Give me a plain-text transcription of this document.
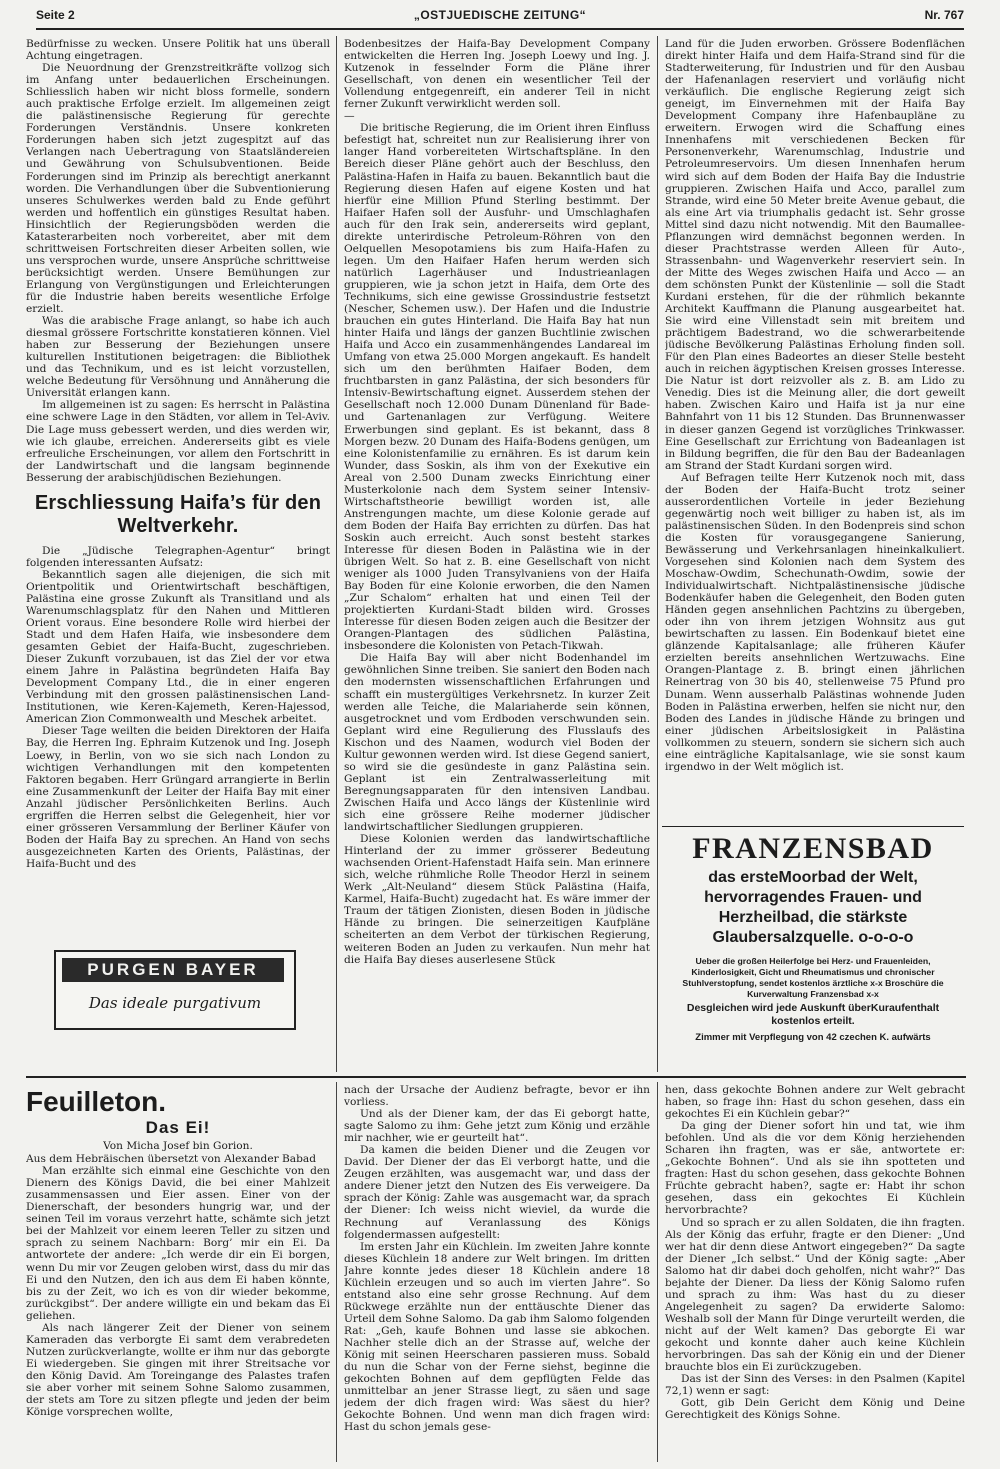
Seite 2	„OSTJUEDISCHE ZEITUNG“	Nr. 767

Bedürfnisse zu wecken. Unsere Politik hat uns überall Achtung eingetragen.

Die Neuordnung der Grenzstreitkräfte vollzog sich im Anfang unter bedauerlichen Erscheinungen. Schliesslich haben wir nicht bloss formelle, sondern auch praktische Erfolge erzielt. Im allgemeinen zeigt die palästinensische Regierung für gerechte Forderungen Verständnis. Unsere konkreten Forderungen haben sich jetzt zugespitzt auf das Verlangen nach Uebertragung von Staatsländereien und Gewährung von Schulsubventionen. Beide Forderungen sind im Prinzip als berechtigt anerkannt worden. Die Verhandlungen über die Subventionierung unseres Schulwerkes werden bald zu Ende geführt werden und hoffentlich ein günstiges Resultat haben. Hinsichtlich der Regierungsböden werden die Katasterarbeiten noch vorbereitet, aber mit dem schrittweisen Fortschreiten dieser Arbeiten sollen, wie uns versprochen wurde, unsere Ansprüche schrittweise berücksichtigt werden. Unsere Bemühungen zur Erlangung von Vergünstigungen und Erleichterungen für die Industrie haben bereits wesentliche Erfolge erzielt.

Was die arabische Frage anlangt, so habe ich auch diesmal grössere Fortschritte konstatieren können. Viel haben zur Besserung der Beziehungen unsere kulturellen Institutionen beigetragen: die Bibliothek und das Technikum, und es ist leicht vorzustellen, welche Bedeutung für Versöhnung und Annäherung die Universität erlangen kann.

Im allgemeinen ist zu sagen: Es herrscht in Palästina eine schwere Lage in den Städten, vor allem in Tel-Aviv. Die Lage muss gebessert werden, und dies werden wir, wie ich glaube, erreichen. Andererseits gibt es viele erfreuliche Erscheinungen, vor allem den Fortschritt in der Landwirtschaft und die langsam beginnende Besserung der arabischjüdischen Beziehungen.

Erschliessung Haifa’s für den Weltverkehr.

Die „Jüdische Telegraphen-Agentur“ bringt folgenden interessanten Aufsatz:

Bekanntlich sagen alle diejenigen, die sich mit Orientpolitik und Orientwirtschaft beschäftigen, Palästina eine grosse Zukunft als Transitland und als Warenumschlagsplatz für den Nahen und Mittleren Orient voraus. Eine besondere Rolle wird hierbei der Stadt und dem Hafen Haifa, wie insbesondere dem gesamten Gebiet der Haifa-Bucht, zugeschrieben. Dieser Zukunft vorzubauen, ist das Ziel der vor etwa einem Jahre in Palästina begründeten Haifa Bay Development Company Ltd., die in einer engeren Verbindung mit den grossen palästinensischen Land-Institutionen, wie Keren-Kajemeth, Keren-Hajessod, American Zion Commonwealth und Meschek arbeitet.

Dieser Tage weilten die beiden Direktoren der Haifa Bay, die Herren Ing. Ephraim Kutzenok und Ing. Joseph Loewy, in Berlin, von wo sie sich nach London zu wichtigen Verhandlungen mit den kompetenten Faktoren begaben. Herr Grüngard arrangierte in Berlin eine Zusammenkunft der Leiter der Haifa Bay mit einer Anzahl jüdischer Persönlichkeiten Berlins. Auch ergriffen die Herren selbst die Gelegenheit, hier vor einer grösseren Versammlung der Berliner Käufer von Boden der Haifa Bay zu sprechen. An Hand von sechs ausgezeichneten Karten des Orients, Palästinas, der Haifa-Bucht und des

PURGEN BAYER
Das ideale purgativum

Bodenbesitzes der Haifa-Bay Development Company entwickelten die Herren Ing. Joseph Loewy und Ing. J. Kutzenok in fesselnder Form die Pläne ihrer Gesellschaft, von denen ein wesentlicher Teil der Vollendung entgegenreift, ein anderer Teil in nicht ferner Zukunft verwirklicht werden soll.

—

Die britische Regierung, die im Orient ihren Einfluss befestigt hat, schreitet nun zur Realisierung ihrer von langer Hand vorbereiteten Wirtschaftspläne. In den Bereich dieser Pläne gehört auch der Beschluss, den Palästina-Hafen in Haifa zu bauen. Bekanntlich baut die Regierung diesen Hafen auf eigene Kosten und hat hierfür eine Million Pfund Sterling bestimmt. Der Haifaer Hafen soll der Ausfuhr- und Umschlaghafen auch für den Irak sein, andererseits wird geplant, direkte unterirdische Petroleum-Röhren von den Oelquellen Mesopotamiens bis zum Haifa-Hafen zu legen. Um den Haifaer Hafen herum werden sich natürlich Lagerhäuser und Industrieanlagen gruppieren, wie ja schon jetzt in Haifa, dem Orte des Technikums, sich eine gewisse Grossindustrie festsetzt (Nescher, Schemen usw.). Der Hafen und die Industrie brauchen ein gutes Hinterland. Die Haifa Bay hat nun hinter Haifa und längs der ganzen Buchtlinie zwischen Haifa und Acco ein zusammenhängendes Landareal im Umfang von etwa 25.000 Morgen angekauft. Es handelt sich um den berühmten Haifaer Boden, dem fruchtbarsten in ganz Palästina, der sich besonders für Intensiv-Bewirtschaftung eignet. Ausserdem stehen der Gesellschaft noch 12.000 Dunam Dünenland für Bade- und Gartenanlagen zur Verfügung. Weitere Erwerbungen sind geplant. Es ist bekannt, dass 8 Morgen bezw. 20 Dunam des Haifa-Bodens genügen, um eine Kolonistenfamilie zu ernähren. Es ist darum kein Wunder, dass Soskin, als ihm von der Exekutive ein Areal von 2.500 Dunam zwecks Einrichtung einer Musterkolonie nach dem System seiner Intensiv-Wirtschaftstheorie bewilligt worden ist, alle Anstrengungen machte, um diese Kolonie gerade auf dem Boden der Haifa Bay errichten zu dürfen. Das hat Soskin auch erreicht. Auch sonst besteht starkes Interesse für diesen Boden in Palästina wie in der übrigen Welt. So hat z. B. eine Gesellschaft von nicht weniger als 1000 Juden Transylvaniens von der Haifa Bay Boden für eine Kolonie erworben, die den Namen „Zur Schalom“ erhalten hat und einen Teil der projektierten Kurdani-Stadt bilden wird. Grosses Interesse für diesen Boden zeigen auch die Besitzer der Orangen-Plantagen des südlichen Palästina, insbesondere die Kolonisten von Petach-Tikwah.

Die Haifa Bay will aber nicht Bodenhandel im gewöhnlichen Sinne treiben. Sie saniert den Boden nach den modernsten wissenschaftlichen Erfahrungen und schafft ein mustergültiges Verkehrsnetz. In kurzer Zeit werden alle Teiche, die Malariaherde sein können, ausgetrocknet und vom Erdboden verschwunden sein. Geplant wird eine Regulierung des Flusslaufs des Kischon und des Naamen, wodurch viel Boden der Kultur gewonnen werden wird. Ist diese Gegend saniert, so wird sie die gesündeste in ganz Palästina sein. Geplant ist ein Zentralwasserleitung mit Beregnungsapparaten für den intensiven Landbau. Zwischen Haifa und Acco längs der Küstenlinie wird sich eine grössere Reihe moderner jüdischer landwirtschaftlicher Siedlungen gruppieren.

Diese Kolonien werden das landwirtschaftliche Hinterland der zu immer grösserer Bedeutung wachsenden Orient-Hafenstadt Haifa sein. Man erinnere sich, welche rühmliche Rolle Theodor Herzl in seinem Werk „Alt-Neuland“ diesem Stück Palästina (Haifa, Karmel, Haifa-Bucht) zugedacht hat. Es wäre immer der Traum der tätigen Zionisten, diesen Boden in jüdische Hände zu bringen. Die seinerzeitigen Kaufpläne scheiterten an dem Verbot der türkischen Regierung, weiteren Boden an Juden zu verkaufen. Nun mehr hat die Haifa Bay dieses auserlesene Stück

Land für die Juden erworben. Grössere Bodenflächen direkt hinter Haifa und dem Haifa-Strand sind für die Stadterweiterung, für Industrien und für den Ausbau der Hafenanlagen reserviert und vorläufig nicht verkäuflich. Die englische Regierung zeigt sich geneigt, im Einvernehmen mit der Haifa Bay Development Company ihre Hafenbaupläne zu erweitern. Erwogen wird die Schaffung eines Innenhafens mit verschiedenen Becken für Personenverkehr, Warenumschlag, Industrie und Petroleumreservoirs. Um diesen Innenhafen herum wird sich auf dem Boden der Haifa Bay die Industrie gruppieren. Zwischen Haifa und Acco, parallel zum Strande, wird eine 50 Meter breite Avenue gebaut, die als eine Art via triumphalis gedacht ist. Sehr grosse Mittel sind dazu nicht notwendig. Mit den Baumallee-Pflanzungen wird demnächst begonnen werden. In dieser Prachtstrasse werden Alleen für Auto-, Strassenbahn- und Wagenverkehr reserviert sein. In der Mitte des Weges zwischen Haifa und Acco — an dem schönsten Punkt der Küstenlinie — soll die Stadt Kurdani erstehen, für die der rühmlich bekannte Architekt Kauffmann die Planung ausgearbeitet hat. Sie wird eine Villenstadt sein mit breitem und prächtigem Badestrand, wo die schwerarbeitende jüdische Bevölkerung Palästinas Erholung finden soll. Für den Plan eines Badeortes an dieser Stelle besteht auch in reichen ägyptischen Kreisen grosses Interesse. Die Natur ist dort reizvoller als z. B. am Lido zu Venedig. Dies ist die Meinung aller, die dort geweilt haben. Zwischen Kairo und Haifa ist ja nur eine Bahnfahrt von 11 bis 12 Stunden. Das Brunnenwasser in dieser ganzen Gegend ist vorzügliches Trinkwasser. Eine Gesellschaft zur Errichtung von Badeanlagen ist in Bildung begriffen, die für den Bau der Badeanlagen am Strand der Stadt Kurdani sorgen wird.

Auf Befragen teilte Herr Kutzenok noch mit, dass der Boden der Haifa-Bucht trotz seiner ausserordentlichen Vorteile in jeder Beziehung gegenwärtig noch weit billiger zu haben ist, als im palästinensischen Süden. In den Bodenpreis sind schon die Kosten für vorausgegangene Sanierung, Bewässerung und Verkehrsanlagen hineinkalkuliert. Vorgesehen sind Kolonien nach dem System des Moschaw-Owdim, Schechunath-Owdim, sowie der Individualwirtschaft. Nichtpalästinensische jüdische Bodenkäufer haben die Gelegenheit, den Boden guten Händen gegen ansehnlichen Pachtzins zu übergeben, oder ihn von ihrem jetzigen Wohnsitz aus gut bewirtschaften zu lassen. Ein Bodenkauf bietet eine glänzende Kapitalsanlage; alle früheren Käufer erzielten bereits ansehnlichen Wertzuwachs. Eine Orangen-Plantage z. B. bringt einen jährlichen Reinertrag von 30 bis 40, stellenweise 75 Pfund pro Dunam. Wenn ausserhalb Palästinas wohnende Juden Boden in Palästina erwerben, helfen sie nicht nur, den Boden des Landes in jüdische Hände zu bringen und einer jüdischen Arbeitslosigkeit in Palästina vollkommen zu steuern, sondern sie sichern sich auch eine einträgliche Kapitalsanlage, wie sie sonst kaum irgendwo in der Welt möglich ist.

FRANZENSBAD
das ersteMoorbad der Welt, hervorragendes Frauen- und Herzheilbad, die stärkste Glaubersalzquelle. o-o-o-o
Ueber die großen Heilerfolge bei Herz- und Frauenleiden, Kinderlosigkeit, Gicht und Rheumatismus und chronischer Stuhlverstopfung, sendet kostenlos ärztliche x-x Broschüre die Kurverwaltung Franzensbad x-x
Desgleichen wird jede Auskunft überKuraufenthalt kostenlos erteilt.
Zimmer mit Verpflegung von 42 czechen K. aufwärts
Feuilleton.
Das Ei!
Von Micha Josef bin Gorion.

Aus dem Hebräischen übersetzt von Alexander Babad

Man erzählte sich einmal eine Geschichte von den Dienern des Königs David, die bei einer Mahlzeit zusammensassen und Eier assen. Einer von der Dienerschaft, der besonders hungrig war, und der seinen Teil im voraus verzehrt hatte, schämte sich jetzt bei der Mahlzeit vor einem leeren Teller zu sitzen und sprach zu seinem Nachbarn: Borg’ mir ein Ei. Da antwortete der andere: „Ich werde dir ein Ei borgen, wenn Du mir vor Zeugen geloben wirst, dass du mir das Ei und den Nutzen, den ich aus dem Ei haben könnte, bis zu der Zeit, wo ich es von dir wieder bekomme, zurückgibst“. Der andere willigte ein und bekam das Ei geliehen.

Als nach längerer Zeit der Diener von seinem Kameraden das verborgte Ei samt dem verabredeten Nutzen zurückverlangte, wollte er ihm nur das geborgte Ei wiedergeben. Sie gingen mit ihrer Streitsache vor den König David. Am Toreingange des Palastes trafen sie aber vorher mit seinem Sohne Salomo zusammen, der stets am Tore zu sitzen pflegte und jeden der beim Könige vorsprechen wollte,

nach der Ursache der Audienz befragte, bevor er ihn vorliess.

Und als der Diener kam, der das Ei geborgt hatte, sagte Salomo zu ihm: Gehe jetzt zum König und erzähle mir nachher, wie er geurteilt hat“.

Da kamen die beiden Diener und die Zeugen vor David. Der Diener der das Ei verborgt hatte, und die Zeugen erzählten, was ausgemacht war, und dass der andere Diener jetzt den Nutzen des Eis verweigere. Da sprach der König: Zahle was ausgemacht war, da sprach der Diener: Ich weiss nicht wieviel, da wurde die Rechnung auf Veranlassung des Königs folgendermassen aufgestellt:

Im ersten Jahr ein Küchlein. Im zweiten Jahre konnte dieses Küchlein 18 andere zur Welt bringen. Im dritten Jahre konnte jedes dieser 18 Küchlein andere 18 Küchlein erzeugen und so auch im vierten Jahre“. So entstand also eine sehr grosse Rechnung. Auf dem Rückwege erzählte nun der enttäuschte Diener das Urteil dem Sohne Salomo. Da gab ihm Salomo folgenden Rat: „Geh, kaufe Bohnen und lasse sie abkochen. Nachher stelle dich an der Strasse auf, welche der König mit seinen Heerscharen passieren muss. Sobald du nun die Schar von der Ferne siehst, beginne die gekochten Bohnen auf dem gepflügten Felde das unmittelbar an jener Strasse liegt, zu säen und sage jedem der dich fragen wird: Was säest du hier? Gekochte Bohnen. Und wenn man dich fragen wird: Hast du schon jemals gese-

hen, dass gekochte Bohnen andere zur Welt gebracht haben, so frage ihn: Hast du schon gesehen, dass ein gekochtes Ei ein Küchlein gebar?“

Da ging der Diener sofort hin und tat, wie ihm befohlen. Und als die vor dem König herziehenden Scharen ihn fragten, was er säe, antwortete er: „Gekochte Bohnen“. Und als sie ihn spotteten und fragten: Hast du schon gesehen, dass gekochte Bohnen Früchte gebracht haben?, sagte er: Habt ihr schon gesehen, dass ein gekochtes Ei Küchlein hervorbrachte?

Und so sprach er zu allen Soldaten, die ihn fragten. Als der König das erfuhr, fragte er den Diener: „Und wer hat dir denn diese Antwort eingegeben?“ Da sagte der Diener „Ich selbst.“ Und der König sagte: „Aber Salomo hat dir dabei doch geholfen, nicht wahr?“ Das bejahte der Diener. Da liess der König Salomo rufen und sprach zu ihm: Was hast du zu dieser Angelegenheit zu sagen? Da erwiderte Salomo: Weshalb soll der Mann für Dinge verurteilt werden, die nicht auf der Welt kamen? Das geborgte Ei war gekocht und konnte daher auch keine Küchlein hervorbringen. Das sah der König ein und der Diener brauchte blos ein Ei zurückzugeben.

Das ist der Sinn des Verses: in den Psalmen (Kapitel 72,1) wenn er sagt:

Gott, gib Dein Gericht dem König und Deine Gerechtigkeit des Königs Sohne.
